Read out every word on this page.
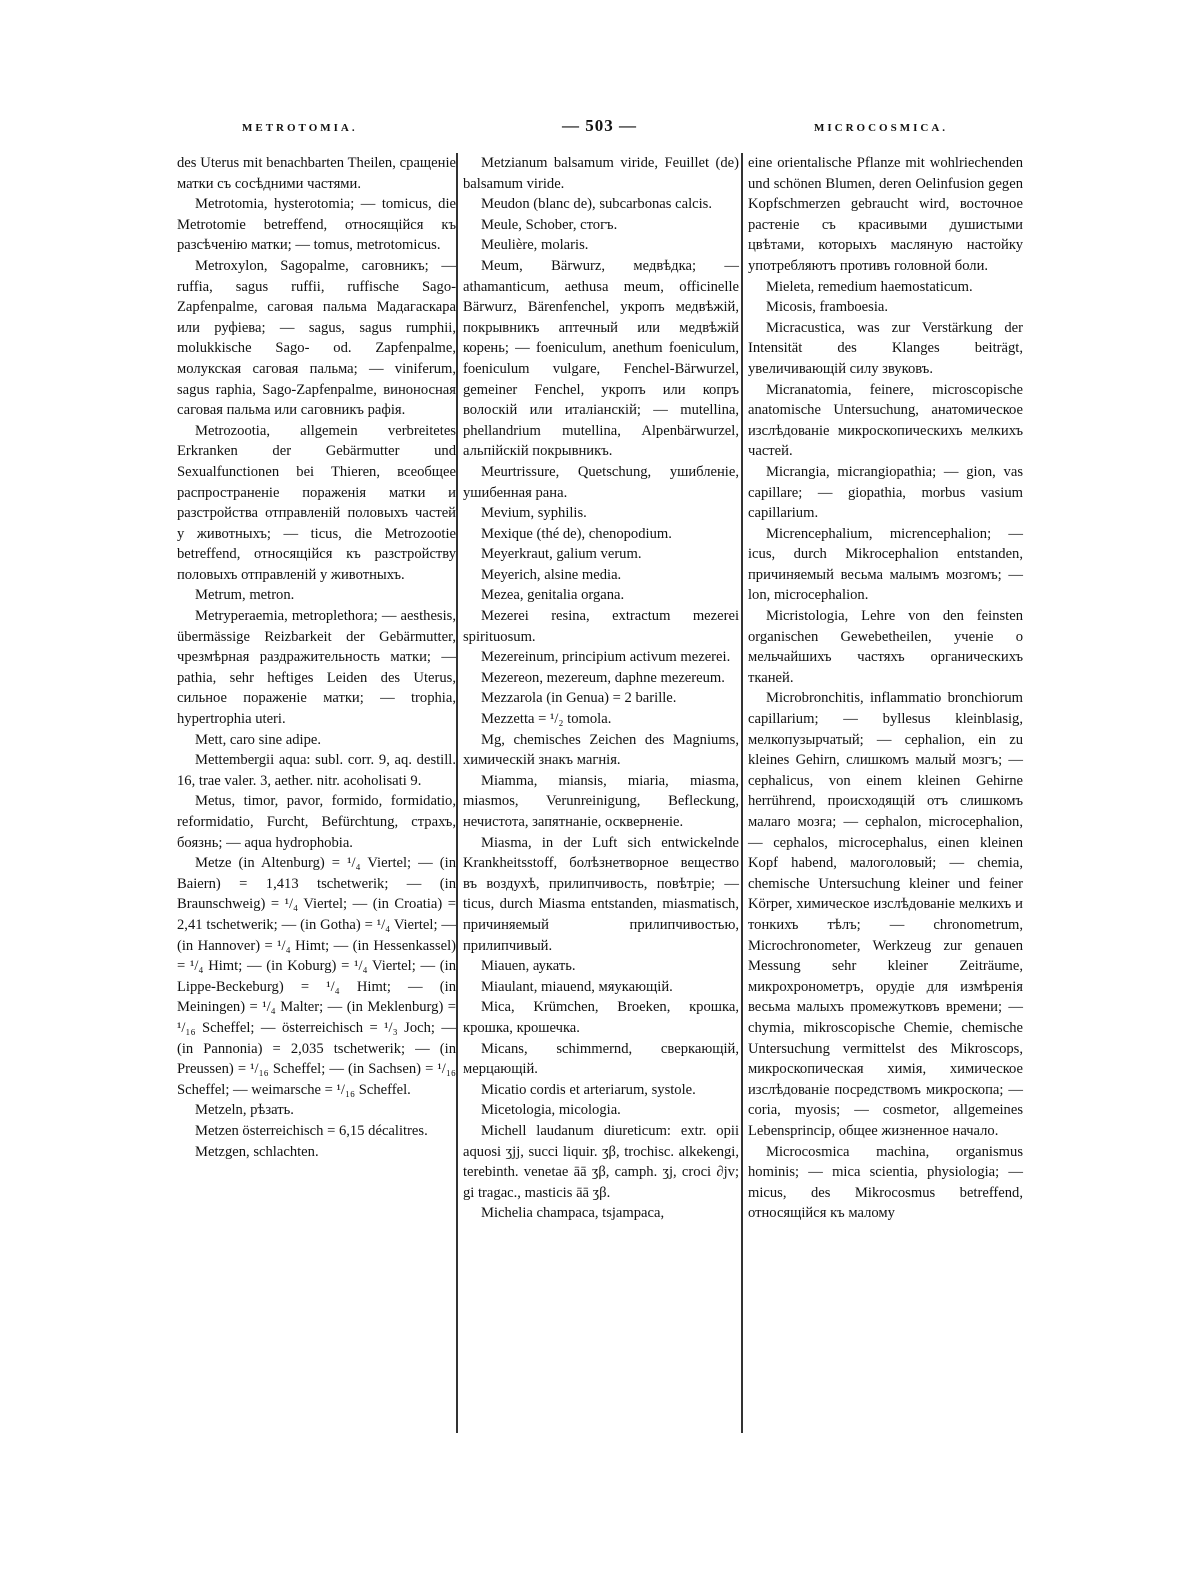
METROTOMIA.	— 503 —	MICROCOSMICA.

des Uterus mit benachbarten Theilen, сращеніе матки съ сосѣдними частями.

Metrotomia, hysterotomia; — tomicus, die Metrotomie betreffend, относящійся къ разсѣченію матки; — tomus, metrotomicus.

Metroxylon, Sagopalme, саговникъ; — ruffia, sagus ruffii, ruffische Sago-Zapfenpalme, саговая пальма Мадагаскара или руфіева; — sagus, sagus rumphii, molukkische Sago- od. Zapfenpalme, молукская саговая пальма; — viniferum, sagus raphia, Sago-Zapfenpalme, виноносная саговая пальма или саговникъ рафія.

Metrozootia, allgemein verbreitetes Erkranken der Gebärmutter und Sexualfunctionen bei Thieren, всеобщее распространеніе пораженія матки и разстройства отправленій половыхъ частей у животныхъ; — ticus, die Metrozootie betreffend, относящійся къ разстройству половыхъ отправленій у животныхъ.

Metrum, metron.

Metryperaemia, metroplethora; — aesthesis, übermässige Reizbarkeit der Gebärmutter, чрезмѣрная раздражительность матки; — pathia, sehr heftiges Leiden des Uterus, сильное пораженіе матки; — trophia, hypertrophia uteri.

Mett, caro sine adipe.

Mettembergii aqua: subl. corr. 9, aq. destill. 16, trae valer. 3, aether. nitr. acoholisati 9.

Metus, timor, pavor, formido, formidatio, reformidatio, Furcht, Befürchtung, страхъ, боязнь; — aqua hydrophobia.

Metze (in Altenburg) = ¹/₄ Viertel; — (in Baiern) = 1,413 tschetwerik; — (in Braunschweig) = ¹/₄ Viertel; — (in Croatia) = 2,41 tschetwerik; — (in Gotha) = ¹/₄ Viertel; — (in Hannover) = ¹/₄ Himt; — (in Hessenkassel) = ¹/₄ Himt; — (in Koburg) = ¹/₄ Viertel; — (in Lippe-Beckeburg) = ¹/₄ Himt; — (in Meiningen) = ¹/₄ Malter; — (in Meklenburg) = ¹/₁₆ Scheffel; — österreichisch = ¹/₃ Joch; — (in Pannonia) = 2,035 tschetwerik; — (in Preussen) = ¹/₁₆ Scheffel; — (in Sachsen) = ¹/₁₆ Scheffel; — weimarsche = ¹/₁₆ Scheffel.

Metzeln, рѣзать.

Metzen österreichisch = 6,15 décalitres.

Metzgen, schlachten.

Metzianum balsamum viride, Feuillet (de) balsamum viride.

Meudon (blanc de), subcarbonas calcis.

Meule, Schober, стогъ.

Meulière, molaris.

Meum, Bärwurz, медвѣдка; — athamanticum, aethusa meum, officinelle Bärwurz, Bärenfenchel, укропъ медвѣжій, покрывникъ аптечный или медвѣжій корень; — foeniculum, anethum foeniculum, foeniculum vulgare, Fenchel-Bärwurzel, gemeiner Fenchel, укропъ или копръ волоскій или италіанскій; — mutellina, phellandrium mutellina, Alpenbärwurzel, альпійскій покрывникъ.

Meurtrissure, Quetschung, ушибленіе, ушибенная рана.

Mevium, syphilis.

Mexique (thé de), chenopodium.

Meyerkraut, galium verum.

Meyerich, alsine media.

Mezea, genitalia organa.

Mezerei resina, extractum mezerei spirituosum.

Mezereinum, principium activum mezerei.

Mezereon, mezereum, daphne mezereum.

Mezzarola (in Genua) = 2 barille.

Mezzetta = ¹/₂ tomola.

Mg, chemisches Zeichen des Magniums, химическій знакъ магнія.

Miamma, miansis, miaria, miasma, miasmos, Verunreinigung, Befleckung, нечистота, запятнаніе, оскверненіе.

Miasma, in der Luft sich entwickelnde Krankheitsstoff, болѣзнетворное вещество въ воздухѣ, прилипчивость, повѣтріе; — ticus, durch Miasma entstanden, miasmatisch, причиняемый прилипчивостью, прилипчивый.

Miauen, аукать.

Miaulant, miauend, мяукающій.

Mica, Krümchen, Broeken, крошка, крошка, крошечка.

Micans, schimmernd, сверкающій, мерцающій.

Micatio cordis et arteriarum, systole.

Micetologia, micologia.

Michell laudanum diureticum: extr. opii aquosi ʒjj, succi liquir. ʒβ, trochisc. alkekengi, terebinth. venetae āā ʒβ, camph. ʒj, croci ∂jv; gi tragac., masticis āā ʒβ.

Michelia champaca, tsjampaca,

eine orientalische Pflanze mit wohlriechenden und schönen Blumen, deren Oelinfusion gegen Kopfschmerzen gebraucht wird, восточное растеніе съ красивыми душистыми цвѣтами, которыхъ масляную настойку употребляютъ противъ головной боли.

Mieleta, remedium haemostaticum.

Micosis, framboesia.

Micracustica, was zur Verstärkung der Intensität des Klanges beiträgt, увеличивающій силу звуковъ.

Micranatomia, feinere, microscopische anatomische Untersuchung, анатомическое изслѣдованіе микроскопическихъ мелкихъ частей.

Micrangia, micrangiopathia; — gion, vas capillare; — giopathia, morbus vasium capillarium.

Micrencephalium, micrencephalion; — icus, durch Mikrocephalion entstanden, причиняемый весьма малымъ мозгомъ; — lon, microcephalion.

Micristologia, Lehre von den feinsten organischen Gewebetheilen, ученіе о мельчайшихъ частяхъ органическихъ тканей.

Microbronchitis, inflammatio bronchiorum capillarium; — byllesus kleinblasig, мелкопузырчатый; — cephalion, ein zu kleines Gehirn, слишкомъ малый мозгъ; — cephalicus, von einem kleinen Gehirne herrührend, происходящій отъ слишкомъ малаго мозга; — cephalon, microcephalion, — cephalos, microcephalus, einen kleinen Kopf habend, малоголовый; — chemia, chemische Untersuchung kleiner und feiner Körper, химическое изслѣдованіе мелкихъ и тонкихъ тѣлъ; — chronometrum, Microchronometer, Werkzeug zur genauen Messung sehr kleiner Zeiträume, микрохронометръ, орудіе для измѣренія весьма малыхъ промежутковъ времени; — chymia, mikroscopische Chemie, chemische Untersuchung vermittelst des Mikroscops, микроскопическая химія, химическое изслѣдованіе посредствомъ микроскопа; — coria, myosis; — cosmetor, allgemeines Lebensprincip, общее жизненное начало.

Microcosmica machina, organismus hominis; — mica scientia, physiologia; — micus, des Mikrocosmus betreffend, относящійся къ малому
